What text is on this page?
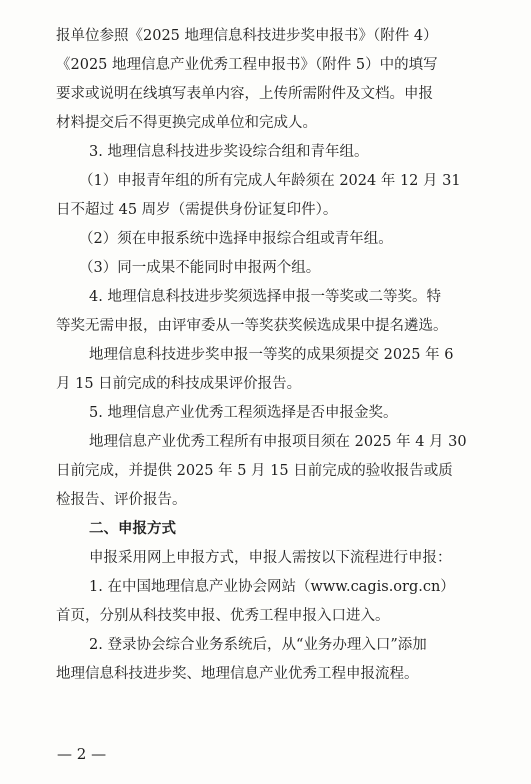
报单位参照《2025 地理信息科技进步奖申报书》（附件 4）
《2025 地理信息产业优秀工程申报书》（附件 5）中的填写
要求或说明在线填写表单内容，上传所需附件及文档。申报
材料提交后不得更换完成单位和完成人。
3. 地理信息科技进步奖设综合组和青年组。
（1）申报青年组的所有完成人年龄须在 2024 年 12 月 31
日不超过 45 周岁（需提供身份证复印件）。
（2）须在申报系统中选择申报综合组或青年组。
（3）同一成果不能同时申报两个组。
4. 地理信息科技进步奖须选择申报一等奖或二等奖。特
等奖无需申报，由评审委从一等奖获奖候选成果中提名遴选。
地理信息科技进步奖申报一等奖的成果须提交 2025 年 6
月 15 日前完成的科技成果评价报告。
5. 地理信息产业优秀工程须选择是否申报金奖。
地理信息产业优秀工程所有申报项目须在 2025 年 4 月 30
日前完成，并提供 2025 年 5 月 15 日前完成的验收报告或质
检报告、评价报告。
二、申报方式
申报采用网上申报方式，申报人需按以下流程进行申报：
1. 在中国地理信息产业协会网站（www.cagis.org.cn）
首页，分别从科技奖申报、优秀工程申报入口进入。
2. 登录协会综合业务系统后，从“业务办理入口”添加
地理信息科技进步奖、地理信息产业优秀工程申报流程。
— 2 —
